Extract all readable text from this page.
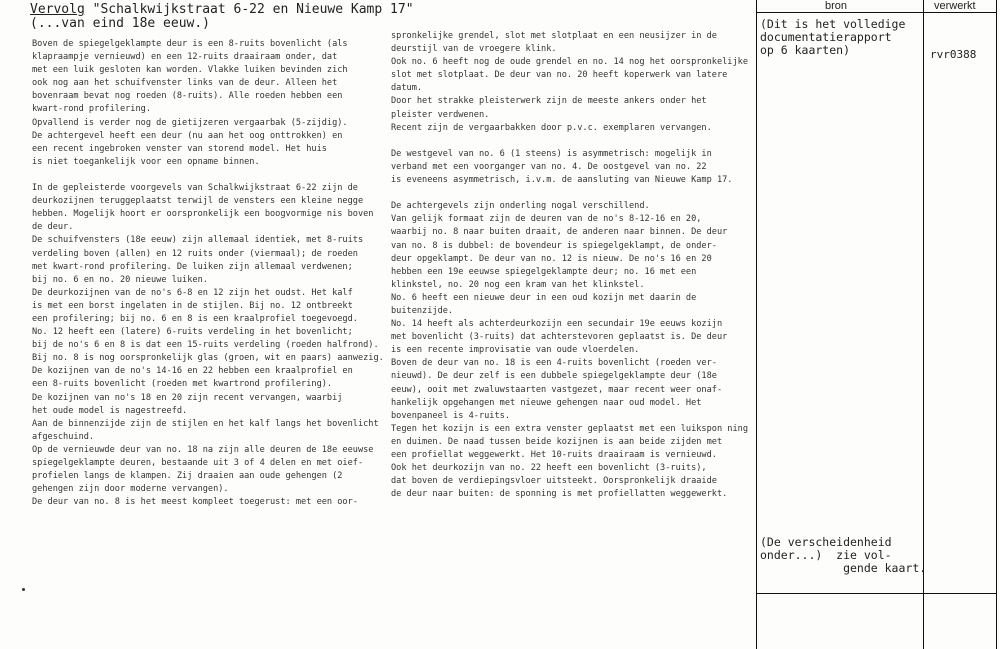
Vervolg "Schalkwijkstraat 6-22 en Nieuwe Kamp 17"
(...van eind 18e eeuw.)
Boven de spiegelgeklampte deur is een 8-ruits bovenlicht (als
klapraampje vernieuwd) en een 12-ruits draairaam onder, dat
met een luik gesloten kan worden. Vlakke luiken bevinden zich
ook nog aan het schuifvenster links van de deur. Alleen het
bovenraam bevat nog roeden (8-ruits). Alle roeden hebben een
kwart-rond profilering.
Opvallend is verder nog de gietijzeren vergaarbak (5-zijdig).
De achtergevel heeft een deur (nu aan het oog onttrokken) en
een recent ingebroken venster van storend model. Het huis
is niet toegankelijk voor een opname binnen.
In de gepleisterde voorgevels van Schalkwijkstraat 6-22 zijn de
deurkozijnen teruggeplaatst terwijl de vensters een kleine negge
hebben. Mogelijk hoort er oorspronkelijk een boogvormige nis boven
de deur.
De schuifvensters (18e eeuw) zijn allemaal identiek, met 8-ruits
verdeling boven (allen) en 12 ruits onder (viermaal); de roeden
met kwart-rond profilering. De luiken zijn allemaal verdwenen;
bij no. 6 en no. 20 nieuwe luiken.
De deurkozijnen van de no's 6-8 en 12 zijn het oudst. Het kalf
is met een borst ingelaten in de stijlen. Bij no. 12 ontbreekt
een profilering; bij no. 6 en 8 is een kraalprofiel toegevoegd.
No. 12 heeft een (latere) 6-ruits verdeling in het bovenlicht;
bij de no's 6 en 8 is dat een 15-ruits verdeling (roeden halfrond).
Bij no. 8 is nog oorspronkelijk glas (groen, wit en paars) aanwezig.
De kozijnen van de no's 14-16 en 22 hebben een kraalprofiel en
een 8-ruits bovenlicht (roeden met kwartrond profilering).
De kozijnen van no's 18 en 20 zijn recent vervangen, waarbij
het oude model is nagestreefd.
Aan de binnenzijde zijn de stijlen en het kalf langs het bovenlicht
afgeschuind.
Op de vernieuwde deur van no. 18 na zijn alle deuren de 18e eeuwse
spiegelgeklampte deuren, bestaande uit 3 of 4 delen en met oief-
profielen langs de klampen. Zij draaien aan oude gehengen (2
gehengen zijn door moderne vervangen).
De deur van no. 8 is het meest kompleet toegerust: met een oor-
spronkelijke grendel, slot met slotplaat en een neusijzer in de
deurstijl van de vroegere klink.
Ook no. 6 heeft nog de oude grendel en no. 14 nog het oorspronkelijke
slot met slotplaat. De deur van no. 20 heeft koperwerk van latere
datum.
Door het strakke pleisterwerk zijn de meeste ankers onder het
pleister verdwenen.
Recent zijn de vergaarbakken door p.v.c. exemplaren vervangen.
De westgevel van no. 6 (1 steens) is asymmetrisch: mogelijk in
verband met een voorganger van no. 4. De oostgevel van no. 22
is eveneens asymmetrisch, i.v.m. de aansluting van Nieuwe Kamp 17.
De achtergevels zijn onderling nogal verschillend.
Van gelijk formaat zijn de deuren van de no's 8-12-16 en 20,
waarbij no. 8 naar buiten draait, de anderen naar binnen. De deur
van no. 8 is dubbel: de bovendeur is spiegelgeklampt, de onder-
deur opgeklampt. De deur van no. 12 is nieuw. De no's 16 en 20
hebben een 19e eeuwse spiegelgeklampte deur; no. 16 met een
klinkstel, no. 20 nog een kram van het klinkstel.
No. 6 heeft een nieuwe deur in een oud kozijn met daarin de
buitenzijde.
No. 14 heeft als achterdeurkozijn een secundair 19e eeuws kozijn
met bovenlicht (3-ruits) dat achterstevoren geplaatst is. De deur
is een recente improvisatie van oude vloerdelen.
Boven de deur van no. 18 is een 4-ruits bovenlicht (roeden ver-
nieuwd). De deur zelf is een dubbele spiegelgeklampte deur (18e
eeuw), ooit met zwaluwstaarten vastgezet, maar recent weer onaf-
hankelijk opgehangen met nieuwe gehengen naar oud model. Het
bovenpaneel is 4-ruits.
Tegen het kozijn is een extra venster geplaatst met een luikspon ning
en duimen. De naad tussen beide kozijnen is aan beide zijden met
een profiellat weggewerkt. Het 10-ruits draairaam is vernieuwd.
Ook het deurkozijn van no. 22 heeft een bovenlicht (3-ruits),
dat boven de verdiepingsvloer uitsteekt. Oorspronkelijk draaide
de deur naar buiten: de sponning is met profiellatten weggewerkt.
bron	verwerkt
(Dit is het volledige
documentatierapport
op 6 kaarten)	rvr0388
(De verscheidenheid
onder...)  zie vol-
gende kaart.
